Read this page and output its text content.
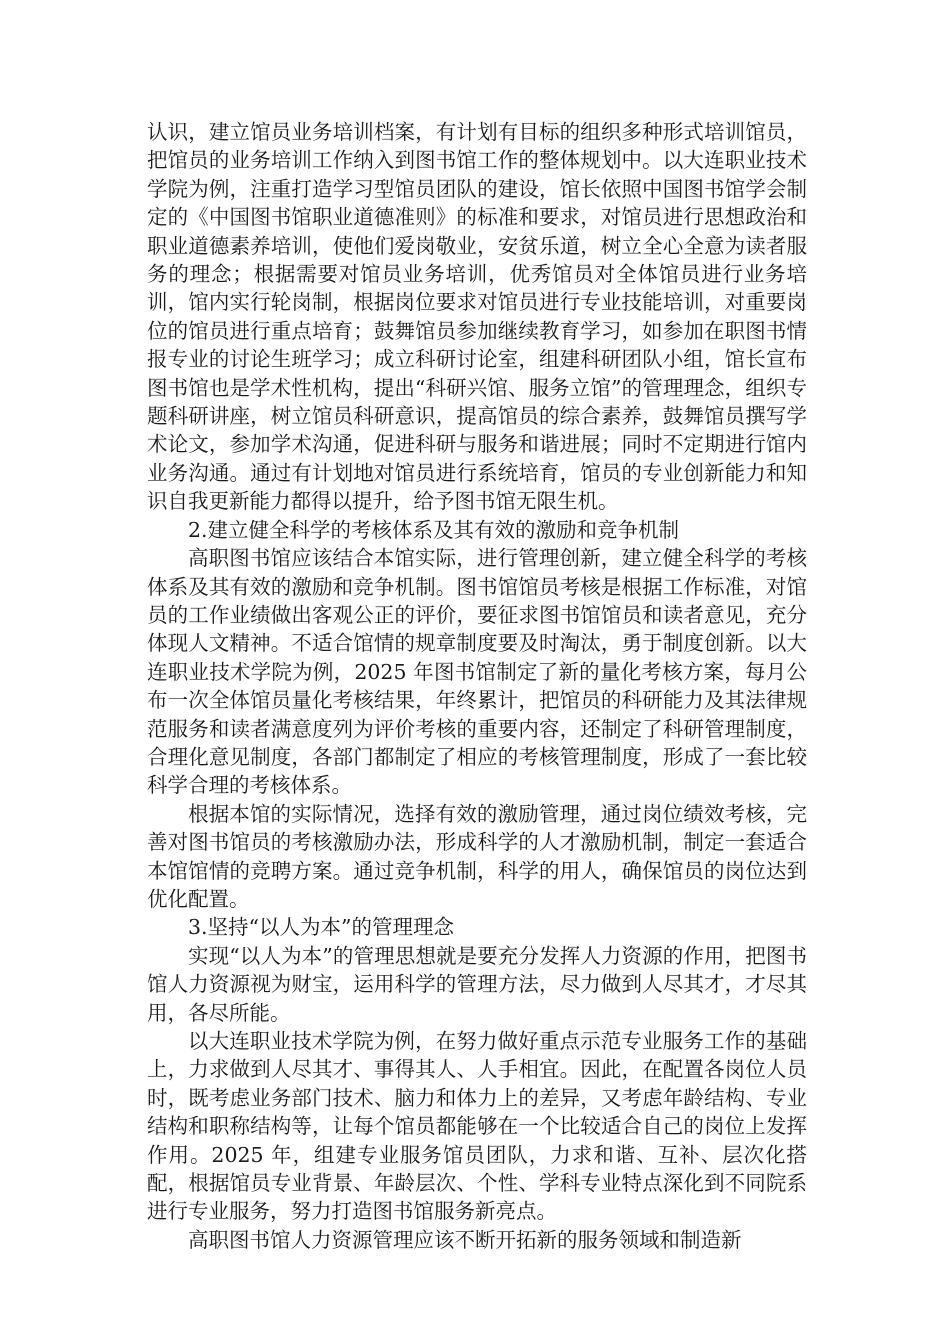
认识，建立馆员业务培训档案，有计划有目标的组织多种形式培训馆员，把馆员的业务培训工作纳入到图书馆工作的整体规划中。以大连职业技术学院为例，注重打造学习型馆员团队的建设，馆长依照中国图书馆学会制定的《中国图书馆职业道德准则》的标准和要求，对馆员进行思想政治和职业道德素养培训，使他们爱岗敬业，安贫乐道，树立全心全意为读者服务的理念；根据需要对馆员业务培训，优秀馆员对全体馆员进行业务培训，馆内实行轮岗制，根据岗位要求对馆员进行专业技能培训，对重要岗位的馆员进行重点培育；鼓舞馆员参加继续教育学习，如参加在职图书情报专业的讨论生班学习；成立科研讨论室，组建科研团队小组，馆长宣布图书馆也是学术性机构，提出“科研兴馆、服务立馆”的管理理念，组织专题科研讲座，树立馆员科研意识，提高馆员的综合素养，鼓舞馆员撰写学术论文，参加学术沟通，促进科研与服务和谐进展；同时不定期进行馆内业务沟通。通过有计划地对馆员进行系统培育，馆员的专业创新能力和知识自我更新能力都得以提升，给予图书馆无限生机。

2.建立健全科学的考核体系及其有效的激励和竞争机制

高职图书馆应该结合本馆实际，进行管理创新，建立健全科学的考核体系及其有效的激励和竞争机制。图书馆馆员考核是根据工作标准，对馆员的工作业绩做出客观公正的评价，要征求图书馆馆员和读者意见，充分体现人文精神。不适合馆情的规章制度要及时淘汰，勇于制度创新。以大连职业技术学院为例，2025 年图书馆制定了新的量化考核方案，每月公布一次全体馆员量化考核结果，年终累计，把馆员的科研能力及其法律规范服务和读者满意度列为评价考核的重要内容，还制定了科研管理制度，合理化意见制度，各部门都制定了相应的考核管理制度，形成了一套比较科学合理的考核体系。

根据本馆的实际情况，选择有效的激励管理，通过岗位绩效考核，完善对图书馆员的考核激励办法，形成科学的人才激励机制，制定一套适合本馆馆情的竞聘方案。通过竞争机制，科学的用人，确保馆员的岗位达到优化配置。

3.坚持“以人为本”的管理理念

实现“以人为本”的管理思想就是要充分发挥人力资源的作用，把图书馆人力资源视为财宝，运用科学的管理方法，尽力做到人尽其才，才尽其用，各尽所能。

以大连职业技术学院为例，在努力做好重点示范专业服务工作的基础上，力求做到人尽其才、事得其人、人手相宜。因此，在配置各岗位人员时，既考虑业务部门技术、脑力和体力上的差异，又考虑年龄结构、专业结构和职称结构等，让每个馆员都能够在一个比较适合自己的岗位上发挥作用。2025 年，组建专业服务馆员团队，力求和谐、互补、层次化搭配，根据馆员专业背景、年龄层次、个性、学科专业特点深化到不同院系进行专业服务，努力打造图书馆服务新亮点。

高职图书馆人力资源管理应该不断开拓新的服务领域和制造新
